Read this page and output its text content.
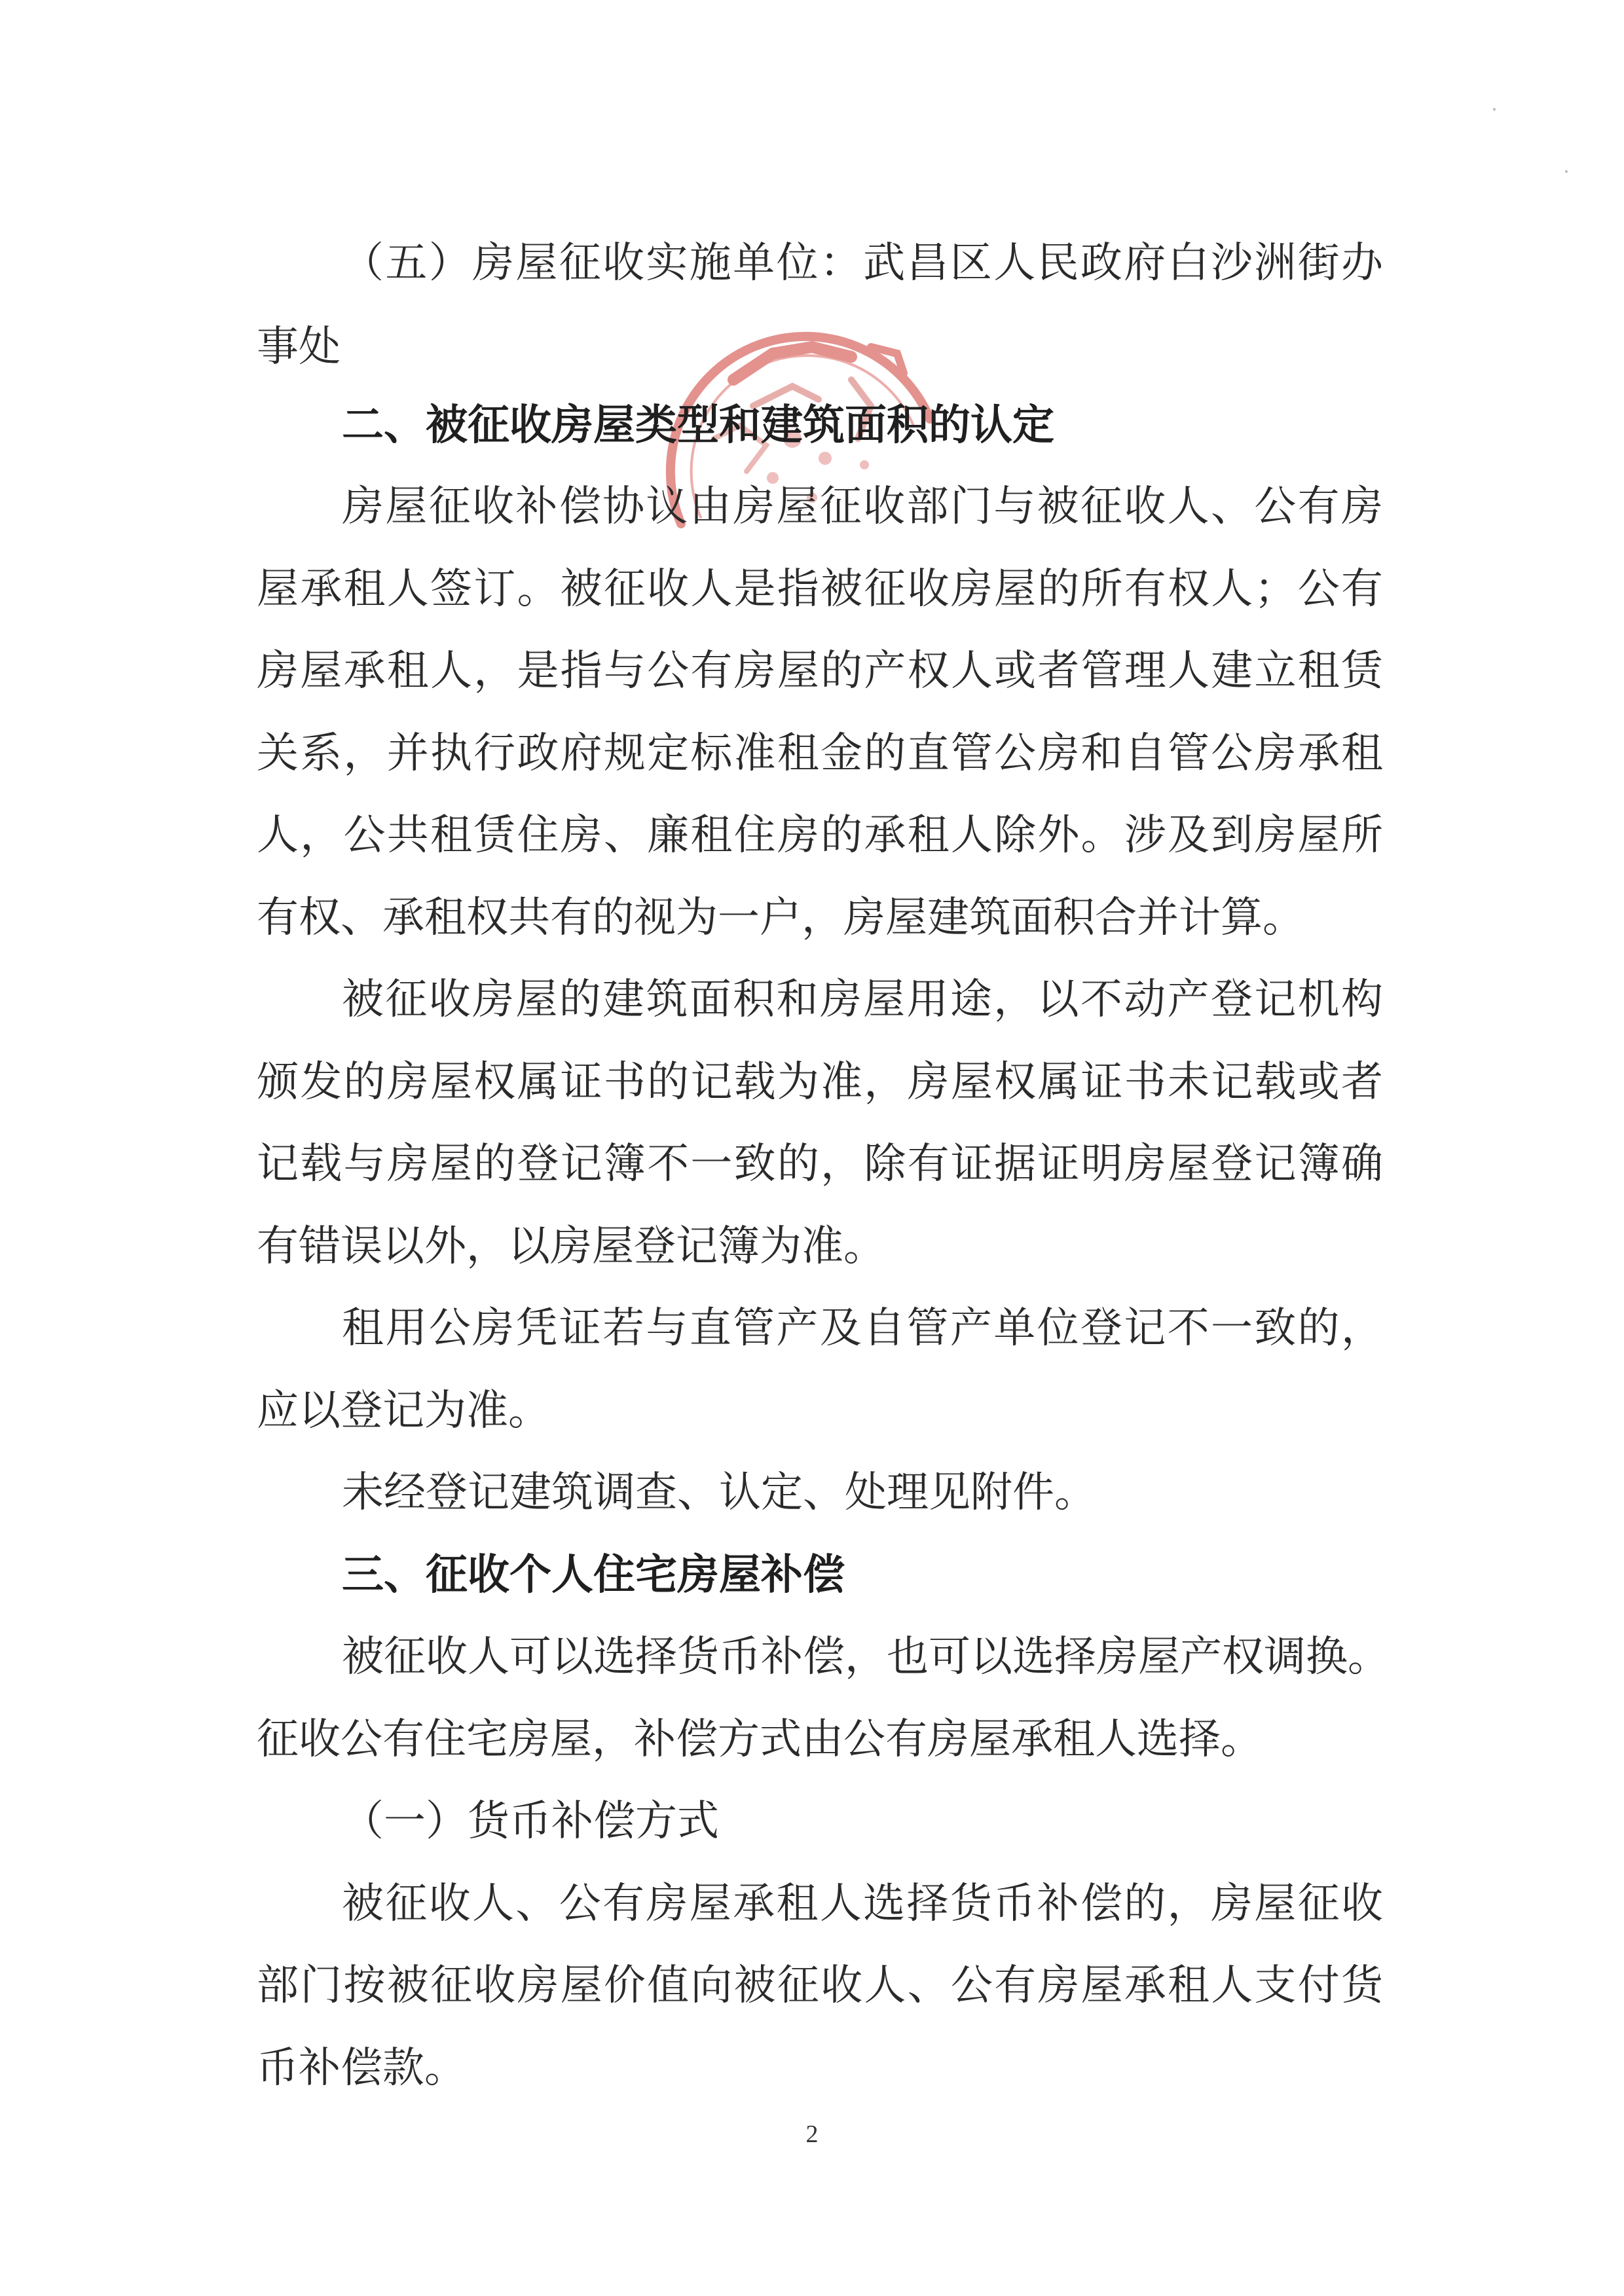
（五）房屋征收实施单位：武昌区人民政府白沙洲街办
事处
二、被征收房屋类型和建筑面积的认定
房屋征收补偿协议由房屋征收部门与被征收人、公有房
屋承租人签订。被征收人是指被征收房屋的所有权人；公有
房屋承租人，是指与公有房屋的产权人或者管理人建立租赁
关系，并执行政府规定标准租金的直管公房和自管公房承租
人，公共租赁住房、廉租住房的承租人除外。涉及到房屋所
有权、承租权共有的视为一户，房屋建筑面积合并计算。
被征收房屋的建筑面积和房屋用途，以不动产登记机构
颁发的房屋权属证书的记载为准，房屋权属证书未记载或者
记载与房屋的登记簿不一致的，除有证据证明房屋登记簿确
有错误以外，以房屋登记簿为准。
租用公房凭证若与直管产及自管产单位登记不一致的，
应以登记为准。
未经登记建筑调查、认定、处理见附件。
三、征收个人住宅房屋补偿
被征收人可以选择货币补偿，也可以选择房屋产权调换。
征收公有住宅房屋，补偿方式由公有房屋承租人选择。
（一）货币补偿方式
被征收人、公有房屋承租人选择货币补偿的，房屋征收
部门按被征收房屋价值向被征收人、公有房屋承租人支付货
币补偿款。
2
